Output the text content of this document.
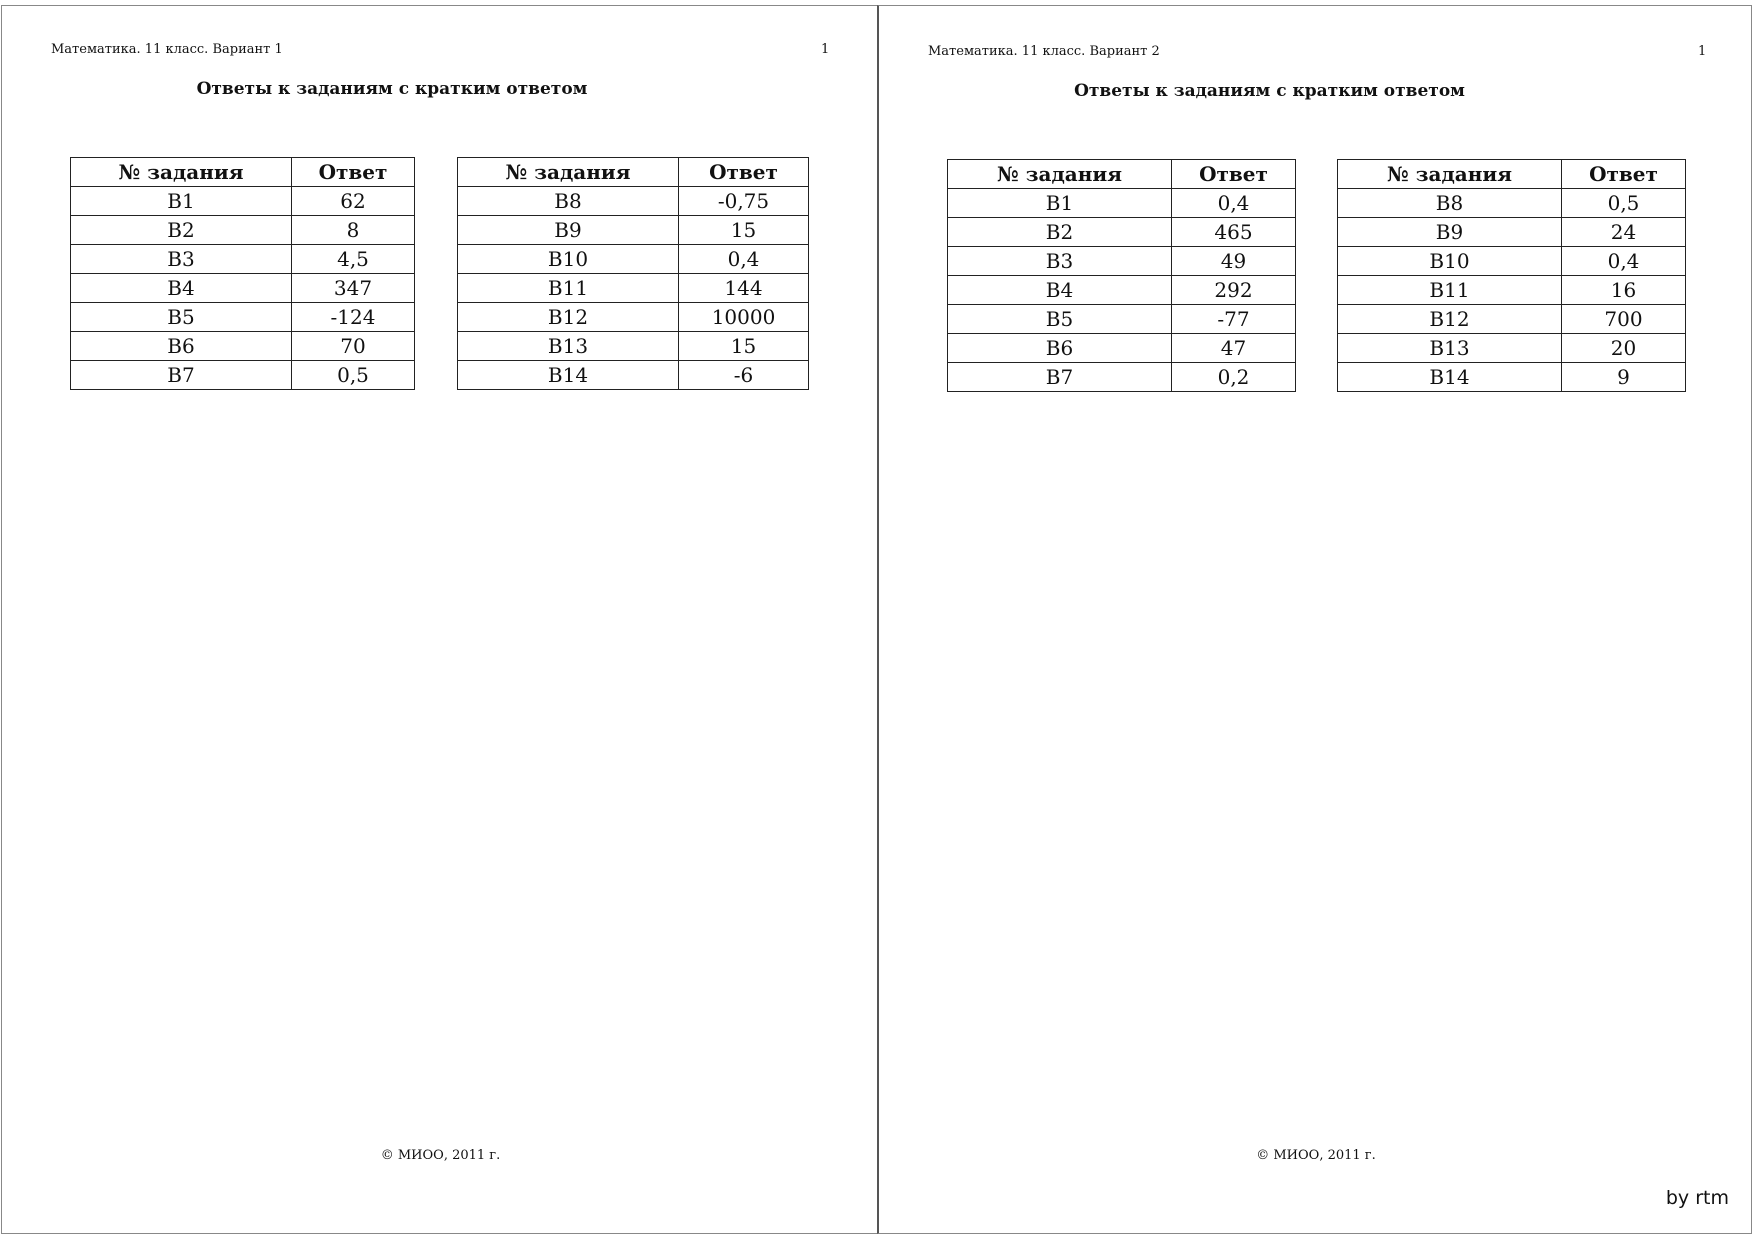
Математика. 11 класс. Вариант 1	1
Ответы к заданиям с кратким ответом
№ задания	Ответ
B1	62
B2	8
B3	4,5
B4	347
B5	-124
B6	70
B7	0,5
№ задания	Ответ
B8	-0,75
B9	15
B10	0,4
B11	144
B12	10000
B13	15
B14	-6
© МИОО, 2011 г.
Математика. 11 класс. Вариант 2	1
Ответы к заданиям с кратким ответом
№ задания	Ответ
B1	0,4
B2	465
B3	49
B4	292
B5	-77
B6	47
B7	0,2
№ задания	Ответ
B8	0,5
B9	24
B10	0,4
B11	16
B12	700
B13	20
B14	9
© МИОО, 2011 г.
by rtm
